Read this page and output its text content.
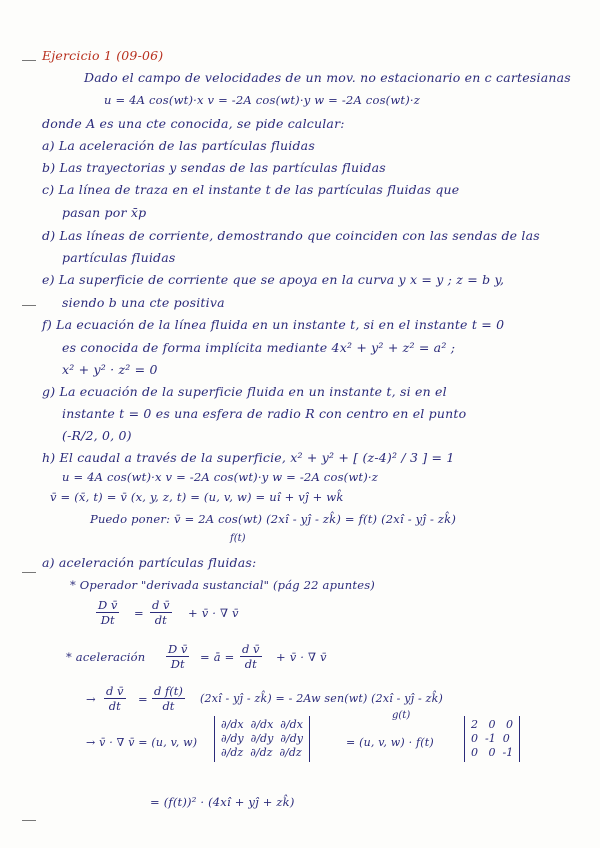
Ejercicio 1 (09-06)
Dado el campo de velocidades de un mov. no estacionario en c cartesianas
u = 4A cos(wt)·x v = -2A cos(wt)·y w = -2A cos(wt)·z
donde A es una cte conocida, se pide calcular:
a) La aceleración de las partículas fluidas
b) Las trayectorias y sendas de las partículas fluidas
c) La línea de traza en el instante t de las partículas fluidas que
pasan por x̄p
d) Las líneas de corriente, demostrando que coinciden con las sendas de las
partículas fluidas
e) La superficie de corriente que se apoya en la curva y x = y ; z = b y,
siendo b una cte positiva
f) La ecuación de la línea fluida en un instante t, si en el instante t = 0
es conocida de forma implícita mediante 4x² + y² + z² = a² ;
x² + y² · z² = 0
g) La ecuación de la superficie fluida en un instante t, si en el
instante t = 0 es una esfera de radio R con centro en el punto
(-R/2, 0, 0)
h) El caudal a través de la superficie, x² + y² + [ (z-4)² / 3 ] = 1
u = 4A cos(wt)·x v = -2A cos(wt)·y w = -2A cos(wt)·z
v̄ = (x̄, t) = v̄ (x, y, z, t) = (u, v, w) = uî + vĵ + wk̂
Puedo poner: v̄ = 2A cos(wt) (2xî - yĵ - zk̂) = f(t) (2xî - yĵ - zk̂)
f(t)
a) aceleración partículas fluidas:
* Operador "derivada sustancial" (pág 22 apuntes)
$\frac{\text{D v̄}}{Dt} = \frac{\text{d v̄}}{dt}$ + v̄ · ∇ v̄
* aceleración $\frac{\text{D v̄}}{Dt}$ = ā = $\frac{\text{d v̄}}{dt}$ + v̄ · ∇ v̄
→ $\frac{\text{d v̄}}{dt} = \frac{\text{d f(t)}}{dt}$ (2xî - yĵ - zk̂) = - 2Aw sen(wt) (2xî - yĵ - zk̂)
g(t)
→ v̄ · ∇ v̄ = (u, v, w)
∂/dx ∂/dx ∂/dx
∂/dy ∂/dy ∂/dy
∂/dz ∂/dz ∂/dz
= (u, v, w) · f(t)
2 0 0
0 -1 0
0 0 -1
= (f(t))² · (4xî + yĵ + zk̂)
